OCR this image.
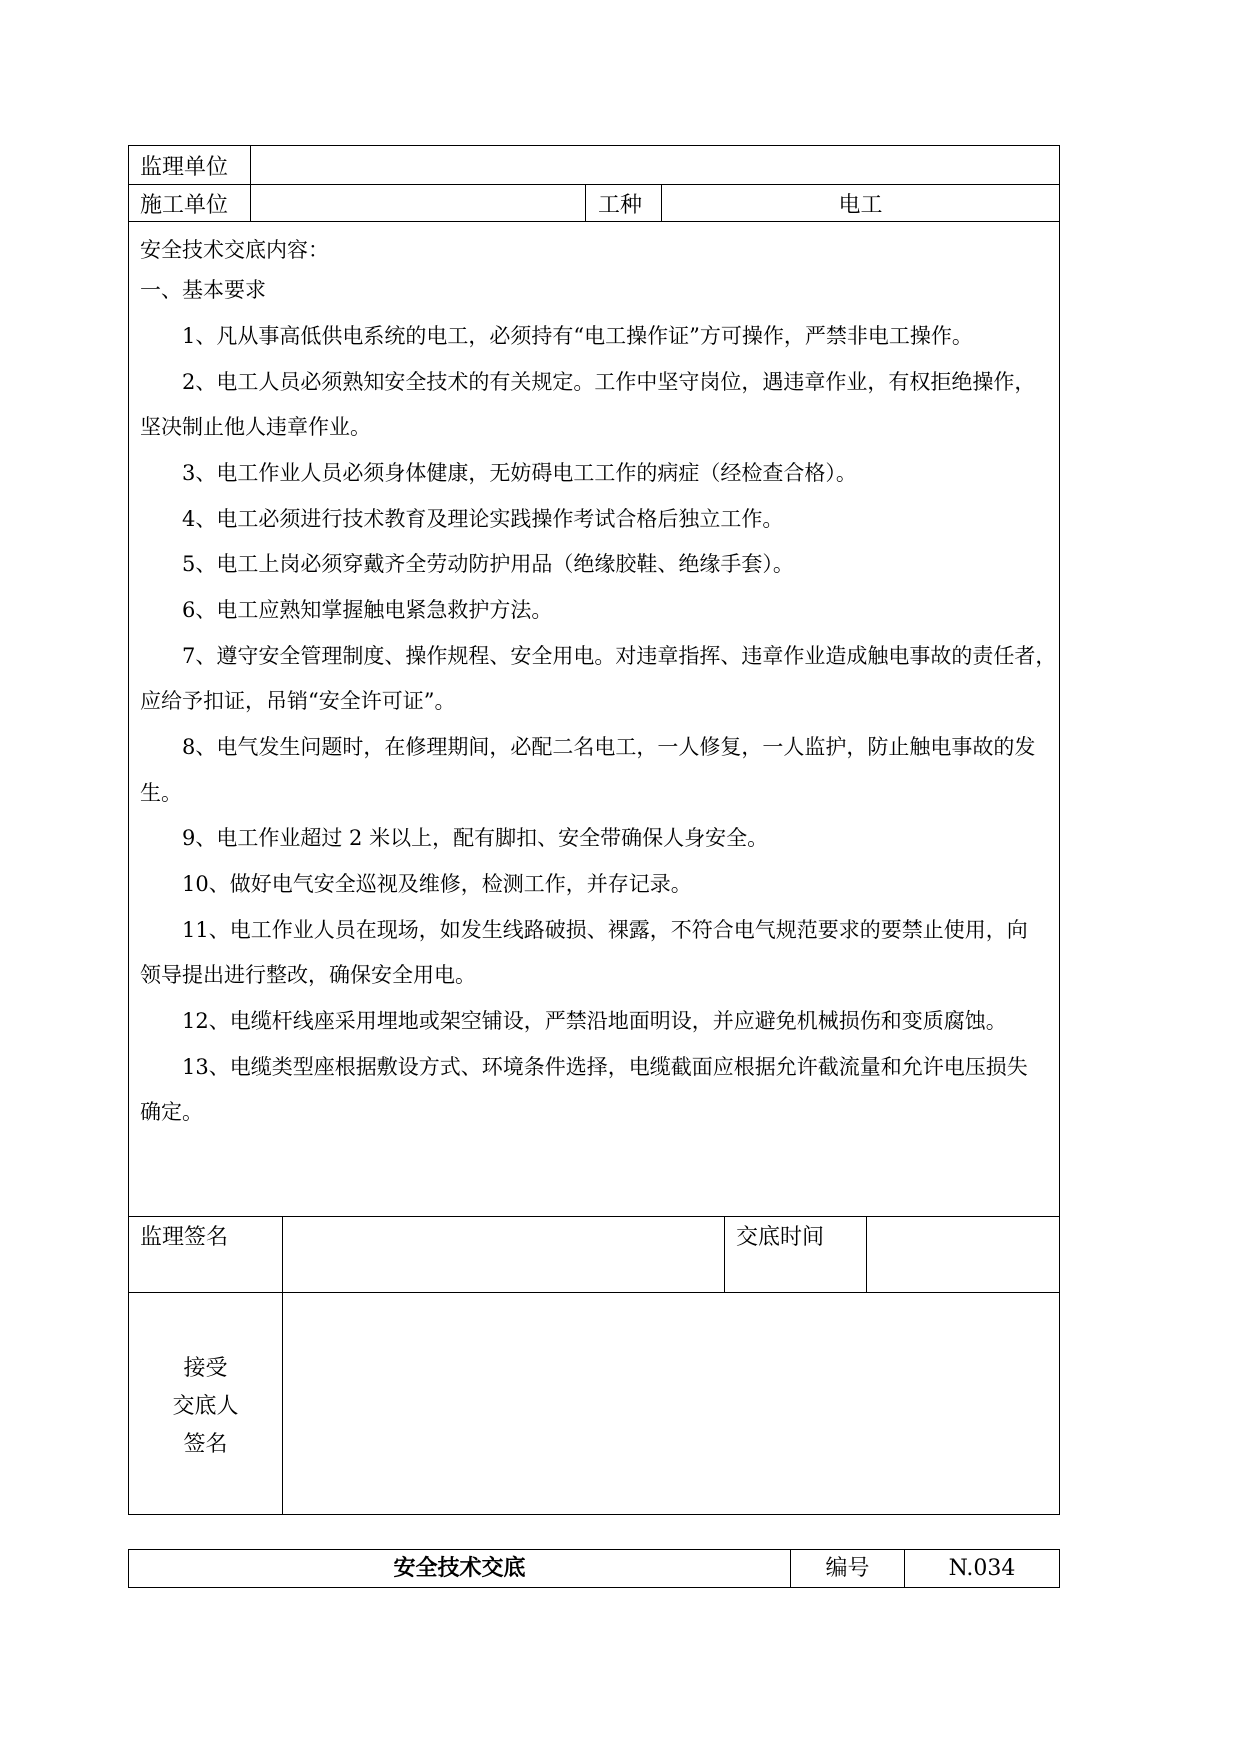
监理单位
施工单位	工种	电工
安全技术交底内容：
一、基本要求
　　1、凡从事高低供电系统的电工，必须持有“电工操作证”方可操作，严禁非电工操作。
　　2、电工人员必须熟知安全技术的有关规定。工作中坚守岗位，遇违章作业，有权拒绝操作，
坚决制止他人违章作业。
　　3、电工作业人员必须身体健康，无妨碍电工工作的病症（经检查合格）。
　　4、电工必须进行技术教育及理论实践操作考试合格后独立工作。
　　5、电工上岗必须穿戴齐全劳动防护用品（绝缘胶鞋、绝缘手套）。
　　6、电工应熟知掌握触电紧急救护方法。
　　7、遵守安全管理制度、操作规程、安全用电。对违章指挥、违章作业造成触电事故的责任者，
应给予扣证，吊销“安全许可证”。
　　8、电气发生问题时，在修理期间，必配二名电工，一人修复，一人监护，防止触电事故的发
生。
　　9、电工作业超过 2 米以上，配有脚扣、安全带确保人身安全。
　　10、做好电气安全巡视及维修，检测工作，并存记录。
　　11、电工作业人员在现场，如发生线路破损、裸露，不符合电气规范要求的要禁止使用，向
领导提出进行整改，确保安全用电。
　　12、电缆杆线座采用埋地或架空铺设，严禁沿地面明设，并应避免机械损伤和变质腐蚀。
　　13、电缆类型座根据敷设方式、环境条件选择，电缆截面应根据允许截流量和允许电压损失
确定。
监理签名	交底时间
接受
交底人
签名
安全技术交底	编号	N.034
